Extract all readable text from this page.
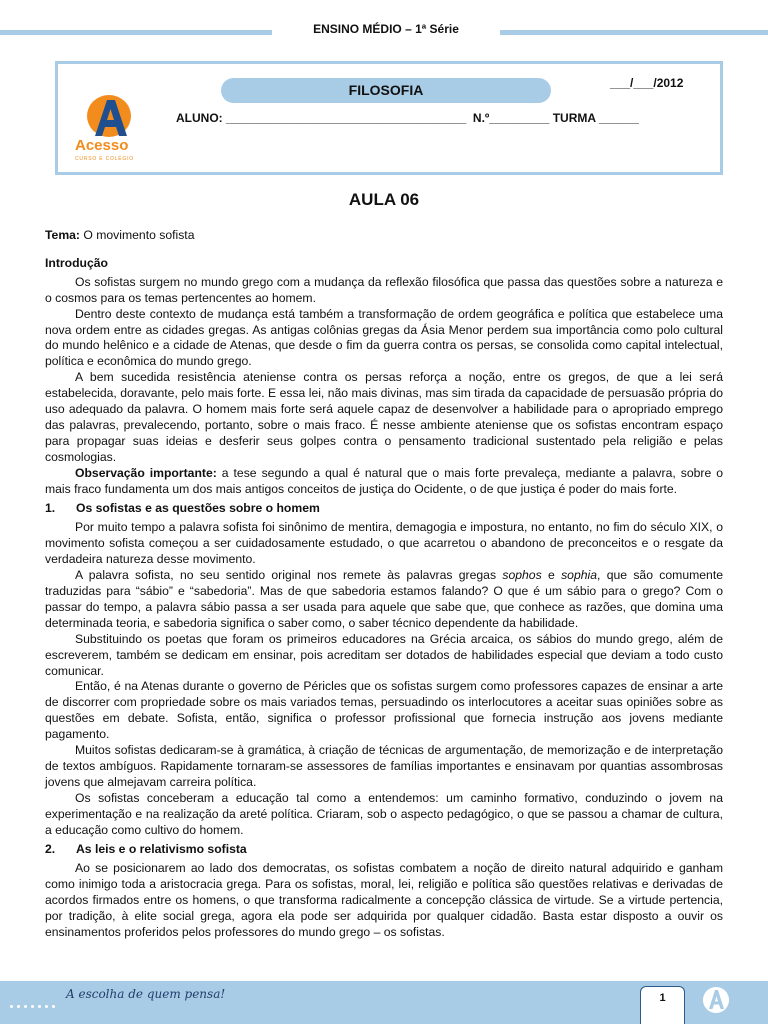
ENSINO MÉDIO – 1ª Série
Acesso
CURSO E COLÉGIO
FILOSOFIA	___/___/2012
ALUNO: ____________________________________  N.º_________ TURMA ______
AULA 06

Tema: O movimento sofista

Introdução

Os sofistas surgem no mundo grego com a mudança da reflexão filosófica que passa das questões sobre a natureza e o cosmos para os temas pertencentes ao homem.

Dentro deste contexto de mudança está também a transformação de ordem geográfica e política que estabelece uma nova ordem entre as cidades gregas. As antigas colônias gregas da Ásia Menor perdem sua importância como polo cultural do mundo helênico e a cidade de Atenas, que desde o fim da guerra contra os persas, se consolida como capital intelectual, política e econômica do mundo grego.

A bem sucedida resistência ateniense contra os persas reforça a noção, entre os gregos, de que a lei será estabelecida, doravante, pelo mais forte. E essa lei, não mais divinas, mas sim tirada da capacidade de persuasão própria do uso adequado da palavra. O homem mais forte será aquele capaz de desenvolver a habilidade para o apropriado emprego das palavras, prevalecendo, portanto, sobre o mais fraco. É nesse ambiente ateniense que os sofistas encontram espaço para propagar suas ideias e desferir seus golpes contra o pensamento tradicional sustentado pela religião e pelas cosmologias.

Observação importante: a tese segundo a qual é natural que o mais forte prevaleça, mediante a palavra, sobre o mais fraco fundamenta um dos mais antigos conceitos de justiça do Ocidente, o de que justiça é poder do mais forte.

1. Os sofistas e as questões sobre o homem

Por muito tempo a palavra sofista foi sinônimo de mentira, demagogia e impostura, no entanto, no fim do século XIX, o movimento sofista começou a ser cuidadosamente estudado, o que acarretou o abandono de preconceitos e o resgate da verdadeira natureza desse movimento.

A palavra sofista, no seu sentido original nos remete às palavras gregas sophos e sophia, que são comumente traduzidas para “sábio” e “sabedoria”. Mas de que sabedoria estamos falando? O que é um sábio para o grego? Com o passar do tempo, a palavra sábio passa a ser usada para aquele que sabe que, que conhece as razões, que domina uma determinada teoria, e sabedoria significa o saber como, o saber técnico dependente da habilidade.

Substituindo os poetas que foram os primeiros educadores na Grécia arcaica, os sábios do mundo grego, além de escreverem, também se dedicam em ensinar, pois acreditam ser dotados de habilidades especial que deviam a todo custo comunicar.

Então, é na Atenas durante o governo de Péricles que os sofistas surgem como professores capazes de ensinar a arte de discorrer com propriedade sobre os mais variados temas, persuadindo os interlocutores a aceitar suas opiniões sobre as questões em debate. Sofista, então, significa o professor profissional que fornecia instrução aos jovens mediante pagamento.

Muitos sofistas dedicaram-se à gramática, à criação de técnicas de argumentação, de memorização e de interpretação de textos ambíguos. Rapidamente tornaram-se assessores de famílias importantes e ensinavam por quantias assombrosas jovens que almejavam carreira política.

Os sofistas conceberam a educação tal como a entendemos: um caminho formativo, conduzindo o jovem na experimentação e na realização da areté política. Criaram, sob o aspecto pedagógico, o que se passou a chamar de cultura, a educação como cultivo do homem.

2. As leis e o relativismo sofista

Ao se posicionarem ao lado dos democratas, os sofistas combatem a noção de direito natural adquirido e ganham como inimigo toda a aristocracia grega. Para os sofistas, moral, lei, religião e política são questões relativas e derivadas de acordos firmados entre os homens, o que transforma radicalmente a concepção clássica de virtude. Se a virtude pertencia, por tradição, à elite social grega, agora ela pode ser adquirida por qualquer cidadão. Basta estar disposto a ouvir os ensinamentos proferidos pelos professores do mundo grego – os sofistas.

A escolha de quem pensa!	1
